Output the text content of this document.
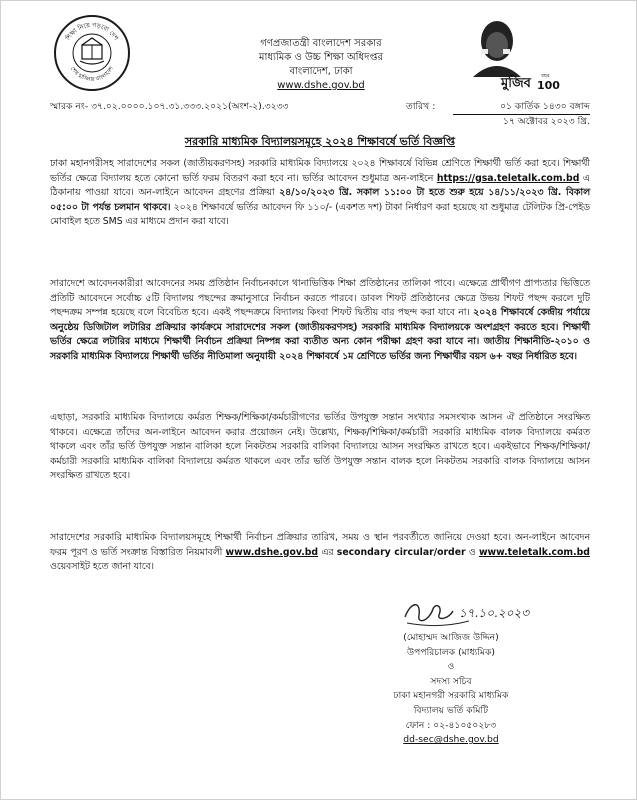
শিক্ষা নিয়ে গড়বো দেশ
শেখ হাসিনার বাংলাদেশ
গণপ্রজাতন্ত্রী বাংলাদেশ সরকার
মাধ্যমিক ও উচ্চ শিক্ষা অধিদপ্তর
বাংলাদেশ, ঢাকা
www.dshe.gov.bd	মুজিব বছর
100
স্মারক নং- ৩৭.০২.০০০০.১০৭.৩১.৩৩৩.২০২১(অংশ-২).৩২৩৩	তারিখ :	০১ কার্তিক ১৪৩০ বঙ্গাব্দ
১৭ অক্টোবর ২০২৩ খ্রি.
সরকারি মাধ্যমিক বিদ্যালয়সমূহে ২০২৪ শিক্ষাবর্ষে ভর্তি বিজ্ঞপ্তি

ঢাকা মহানগরীসহ সারাদেশের সকল (জাতীয়করণসহ) সরকারি মাধ্যমিক বিদ্যালয়ে ২০২৪ শিক্ষাবর্ষে বিভিন্ন শ্রেণিতে শিক্ষার্থী ভর্তি করা হবে। শিক্ষার্থী ভর্তির ক্ষেত্রে বিদ্যালয় হতে কোনো ভর্তি ফরম বিতরণ করা হবে না। ভর্তির আবেদন শুধুমাত্র অন-লাইনে https://gsa.teletalk.com.bd এ ঠিকানায় পাওয়া যাবে। অন-লাইনে আবেদন গ্রহণের প্রক্রিয়া ২৪/১০/২০২৩ খ্রি. সকাল ১১:০০ টা হতে শুরু হয়ে ১৪/১১/২০২৩ খ্রি. বিকাল ০৫:০০ টা পর্যন্ত চলমান থাকবে। ২০২৪ শিক্ষাবর্ষে ভর্তির আবেদন ফি ১১০/- (একশত দশ) টাকা নির্ধারণ করা হয়েছে যা শুধুমাত্র টেলিটক প্রি-পেইড মোবাইল হতে SMS এর মাধ্যমে প্রদান করা যাবে।

সারাদেশে আবেদনকারীরা আবেদনের সময় প্রতিষ্ঠান নির্বাচনকালে থানাভিত্তিক শিক্ষা প্রতিষ্ঠানের তালিকা পাবে। এক্ষেত্রে প্রার্থীগণ প্রাপ্যতার ভিত্তিতে প্রতিটি আবেদনে সর্বোচ্চ ৫টি বিদ্যালয় পছন্দের ক্রমানুসারে নির্বাচন করতে পারবে। ডাবল শিফট প্রতিষ্ঠানের ক্ষেত্রে উভয় শিফট পছন্দ করলে দুটি পছন্দক্রম সম্পন্ন হয়েছে বলে বিবেচিত হবে। একই পছন্দক্রমে বিদ্যালয় কিংবা শিফট দ্বিতীয় বার পছন্দ করা যাবে না। ২০২৪ শিক্ষাবর্ষে কেন্দ্রীয় পর্যায়ে অনুষ্ঠেয় ডিজিটাল লটারির প্রক্রিয়ার কার্যক্রমে সারাদেশের সকল (জাতীয়করণসহ) সরকারি মাধ্যমিক বিদ্যালয়কে অংশগ্রহণ করতে হবে। শিক্ষার্থী ভর্তির ক্ষেত্রে লটারির মাধ্যমে শিক্ষার্থী নির্বাচন প্রক্রিয়া নিষ্পন্ন করা ব্যতীত অন্য কোন পরীক্ষা গ্রহণ করা যাবে না। জাতীয় শিক্ষানীতি-২০১০ ও সরকারি মাধ্যমিক বিদ্যালয়ে শিক্ষার্থী ভর্তির নীতিমালা অনুযায়ী ২০২৪ শিক্ষাবর্ষে ১ম শ্রেণিতে ভর্তির জন্য শিক্ষার্থীর বয়স ৬+ বছর নির্ধারিত হবে।

এছাড়া, সরকারি মাধ্যমিক বিদ্যালয়ে কর্মরত শিক্ষক/শিক্ষিকা/কর্মচারীগণের ভর্তির উপযুক্ত সন্তান সংখ্যার সমসংখ্যক আসন ঐ প্রতিষ্ঠানে সংরক্ষিত থাকবে। এক্ষেত্রে তাঁদের অন-লাইনে আবেদন করার প্রয়োজন নেই। উল্লেখ্য, শিক্ষক/শিক্ষিকা/কর্মচারী সরকারি মাধ্যমিক বালক বিদ্যালয়ে কর্মরত থাকলে এবং তাঁর ভর্তি উপযুক্ত সন্তান বালিকা হলে নিকটতম সরকারি বালিকা বিদ্যালয়ে আসন সংরক্ষিত রাখতে হবে। একইভাবে শিক্ষক/শিক্ষিকা/কর্মচারী সরকারি মাধ্যমিক বালিকা বিদ্যালয়ে কর্মরত থাকলে এবং তাঁর ভর্তি উপযুক্ত সন্তান বালক হলে নিকটতম সরকারি বালক বিদ্যালয়ে আসন সংরক্ষিত রাখতে হবে।

সারাদেশের সরকারি মাধ্যমিক বিদ্যালয়সমূহে শিক্ষার্থী নির্বাচন প্রক্রিয়ার তারিখ, সময় ও স্থান পরবর্তীতে জানিয়ে দেওয়া হবে। অন-লাইনে আবেদন ফরম পূরণ ও ভর্তি সংক্রান্ত বিস্তারিত নিয়মাবলী www.dshe.gov.bd এর secondary circular/order ও www.teletalk.com.bd ওয়েবসাইট হতে জানা যাবে।

১৭.১০.২০২৩
(মোহাম্মদ আজিজ উদ্দিন)
উপপরিচালক (মাধ্যমিক)
ও
সদস্য সচিব
ঢাকা মহানগরী সরকারি মাধ্যমিক
বিদ্যালয় ভর্তি কমিটি
ফোন : ০২-৪১০৫০২৮৩
dd-sec@dshe.gov.bd
